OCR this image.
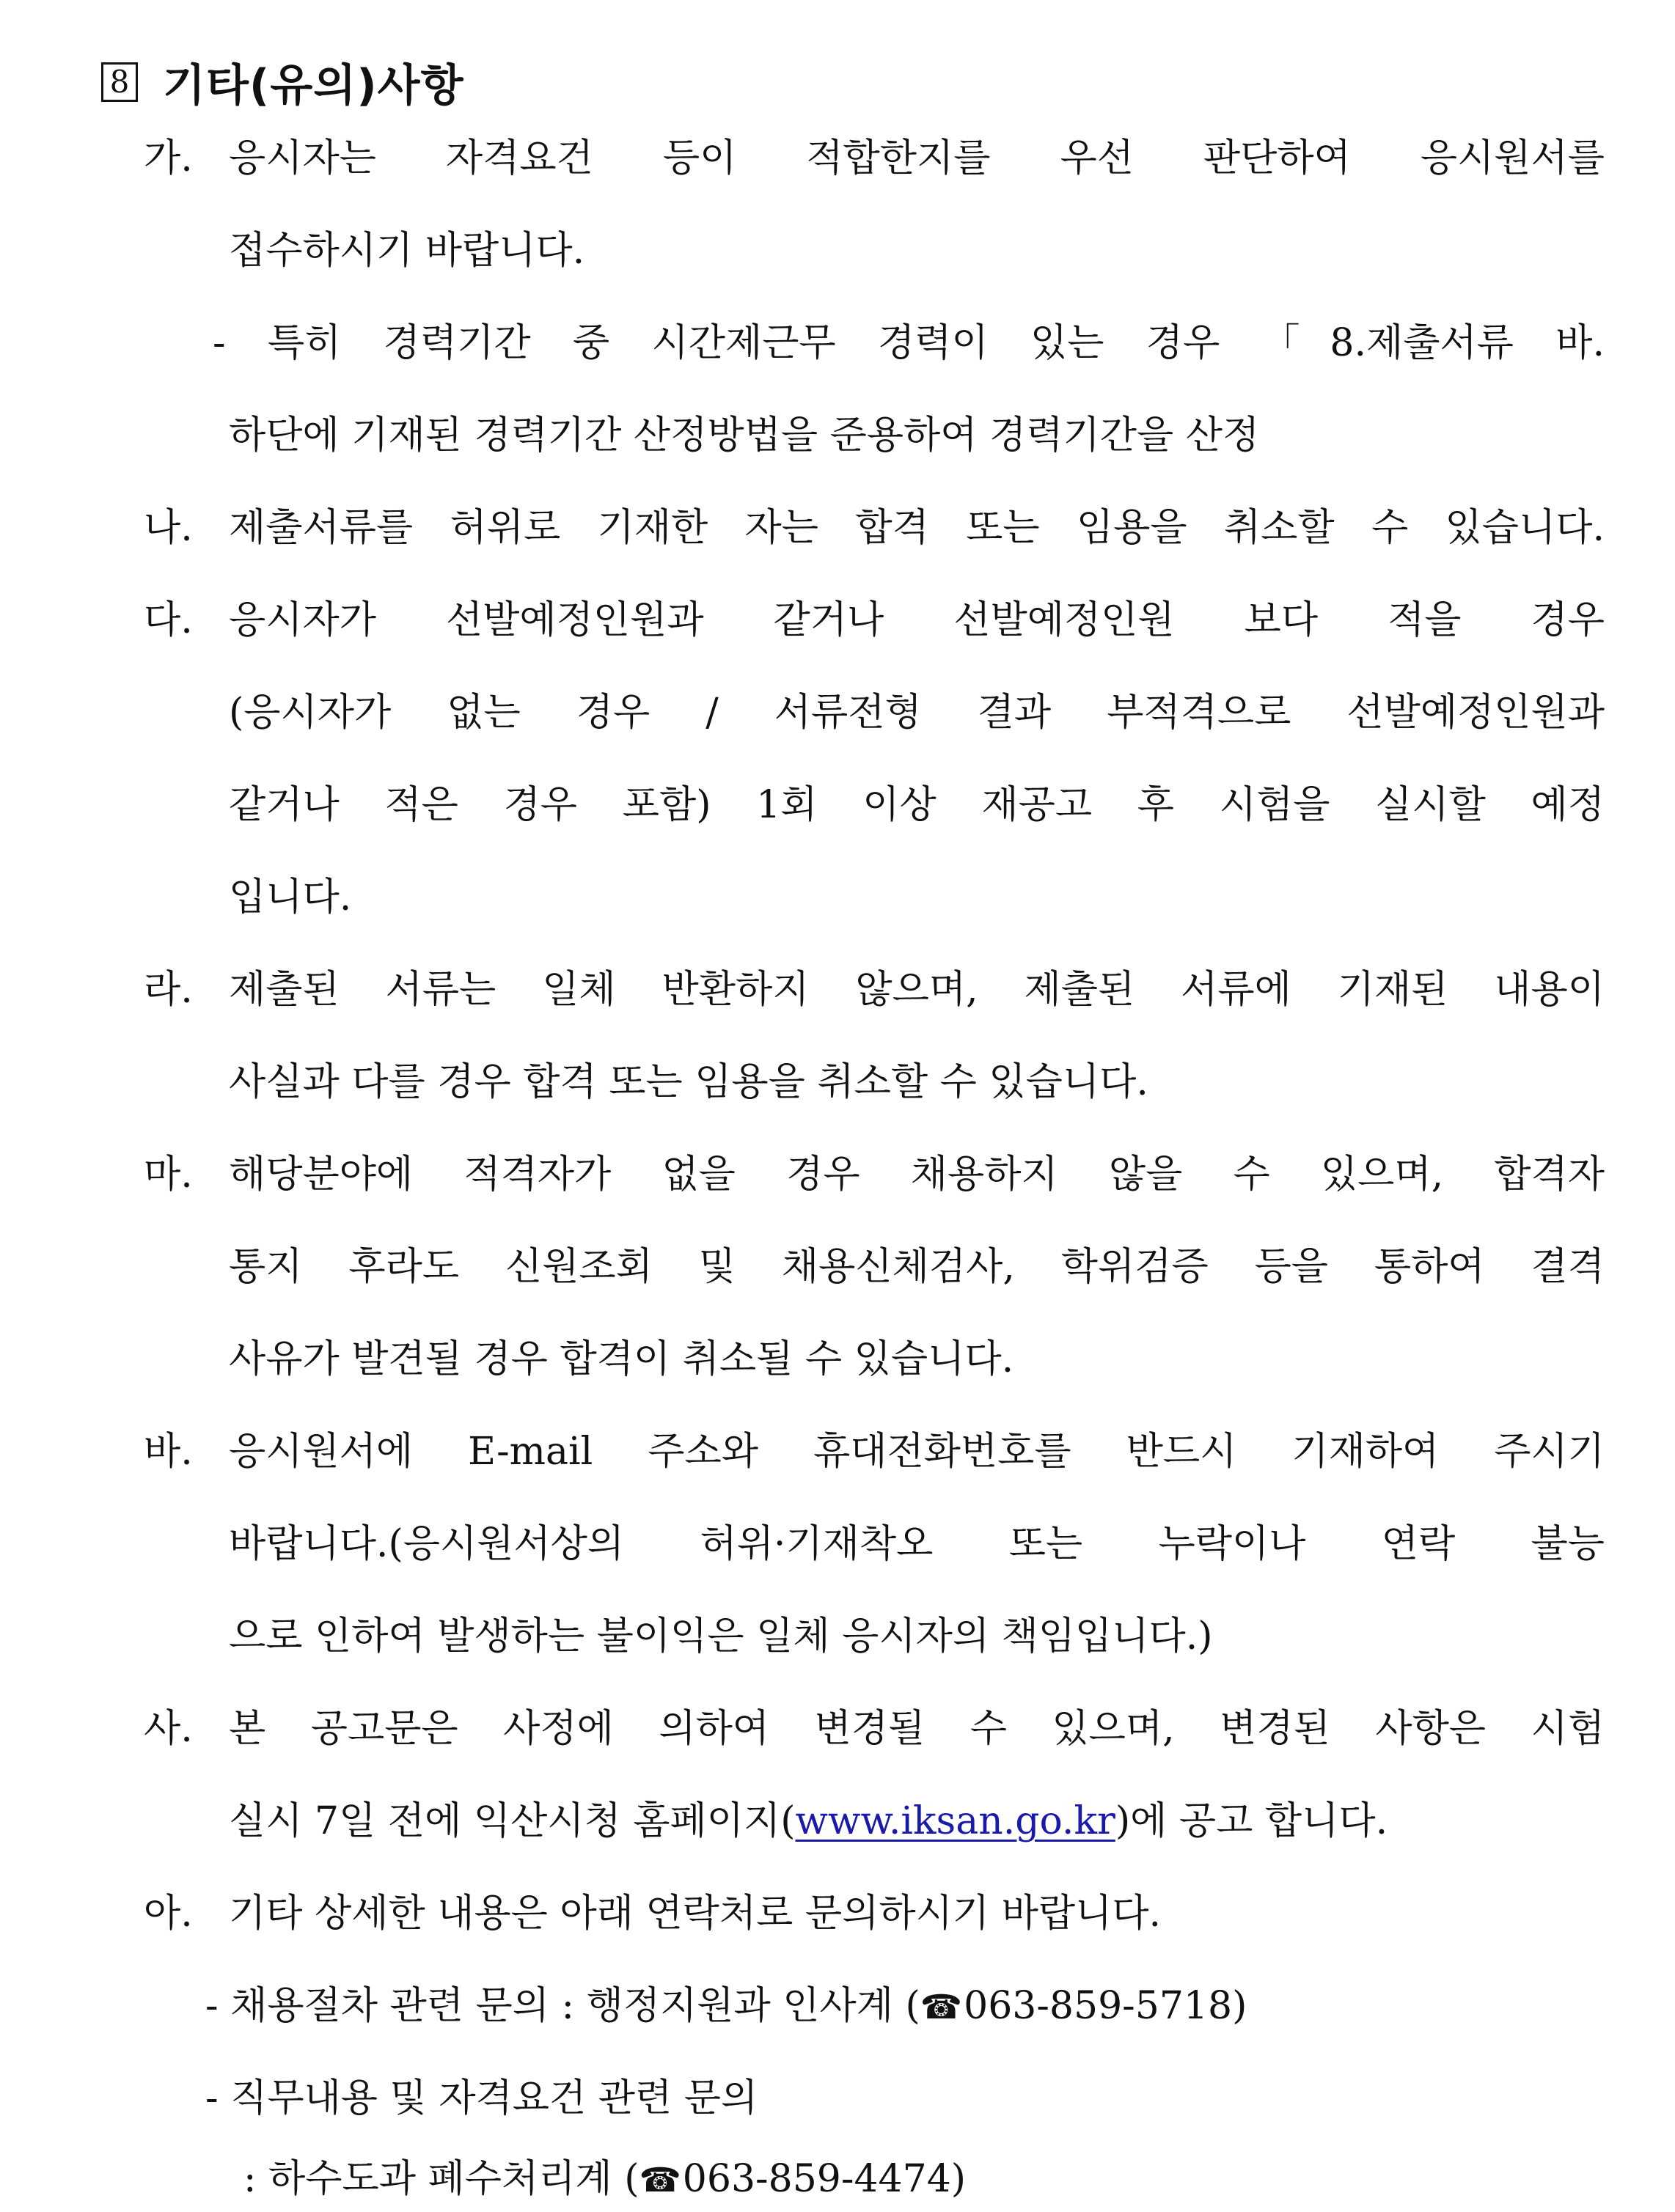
8 기타(유의)사항
가. 응시자는 자격요건 등이 적합한지를 우선 판단하여 응시원서를
접수하시기 바랍니다.
- 특히 경력기간 중 시간제근무 경력이 있는 경우 「8.제출서류 바.
하단에 기재된 경력기간 산정방법을 준용하여 경력기간을 산정
나. 제출서류를 허위로 기재한 자는 합격 또는 임용을 취소할 수 있습니다.
다. 응시자가 선발예정인원과 같거나 선발예정인원 보다 적을 경우
(응시자가 없는 경우 / 서류전형 결과 부적격으로 선발예정인원과
같거나 적은 경우 포함) 1회 이상 재공고 후 시험을 실시할 예정
입니다.
라. 제출된 서류는 일체 반환하지 않으며, 제출된 서류에 기재된 내용이
사실과 다를 경우 합격 또는 임용을 취소할 수 있습니다.
마. 해당분야에 적격자가 없을 경우 채용하지 않을 수 있으며, 합격자
통지 후라도 신원조회 및 채용신체검사, 학위검증 등을 통하여 결격
사유가 발견될 경우 합격이 취소될 수 있습니다.
바. 응시원서에 E-mail 주소와 휴대전화번호를 반드시 기재하여 주시기
바랍니다.(응시원서상의 허위·기재착오 또는 누락이나 연락 불능
으로 인하여 발생하는 불이익은 일체 응시자의 책임입니다.)
사. 본 공고문은 사정에 의하여 변경될 수 있으며, 변경된 사항은 시험
실시 7일 전에 익산시청 홈페이지(www.iksan.go.kr)에 공고 합니다.
아. 기타 상세한 내용은 아래 연락처로 문의하시기 바랍니다.
- 채용절차 관련 문의 : 행정지원과 인사계 (☎063-859-5718)
- 직무내용 및 자격요건 관련 문의
: 하수도과 폐수처리계 (☎063-859-4474)
